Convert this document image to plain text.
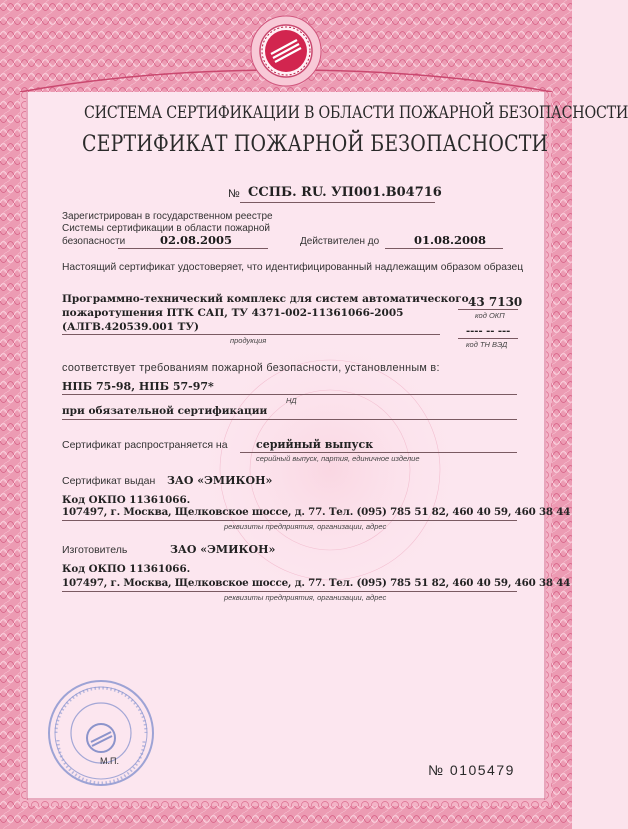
СИСТЕМА СЕРТИФИКАЦИИ В ОБЛАСТИ ПОЖАРНОЙ БЕЗОПАСНОСТИ
СЕРТИФИКАТ ПОЖАРНОЙ БЕЗОПАСНОСТИ
№ ССПБ. RU. УП001.В04716
Зарегистрирован в государственном реестре
Системы сертификации в области пожарной
безопасности	02.08.2005	Действителен до	01.08.2008
Настоящий сертификат удостоверяет, что идентифицированный надлежащим образом образец
Программно-технический комплекс для систем автоматического
пожаротушения ПТК САП, ТУ 4371-002-11361066-2005
(АЛГВ.420539.001 ТУ)
продукция
43 7130
код ОКП
---- -- ---
код ТН ВЭД
соответствует требованиям пожарной безопасности, установленным в:
НПБ 75-98, НПБ 57-97*
НД
при обязательной сертификации
Сертификат распространяется на	серийный выпуск
серийный выпуск, партия, единичное изделие
Сертификат выдан ЗАО «ЭМИКОН»
Код ОКПО 11361066.
107497, г. Москва, Щелковское шоссе, д. 77. Тел. (095) 785 51 82, 460 40 59, 460 38 44
реквизиты предприятия, организации, адрес
Изготовитель	ЗАО «ЭМИКОН»
Код ОКПО 11361066.
107497, г. Москва, Щелковское шоссе, д. 77. Тел. (095) 785 51 82, 460 40 59, 460 38 44
реквизиты предприятия, организации, адрес
М.П.
№ 0105479
